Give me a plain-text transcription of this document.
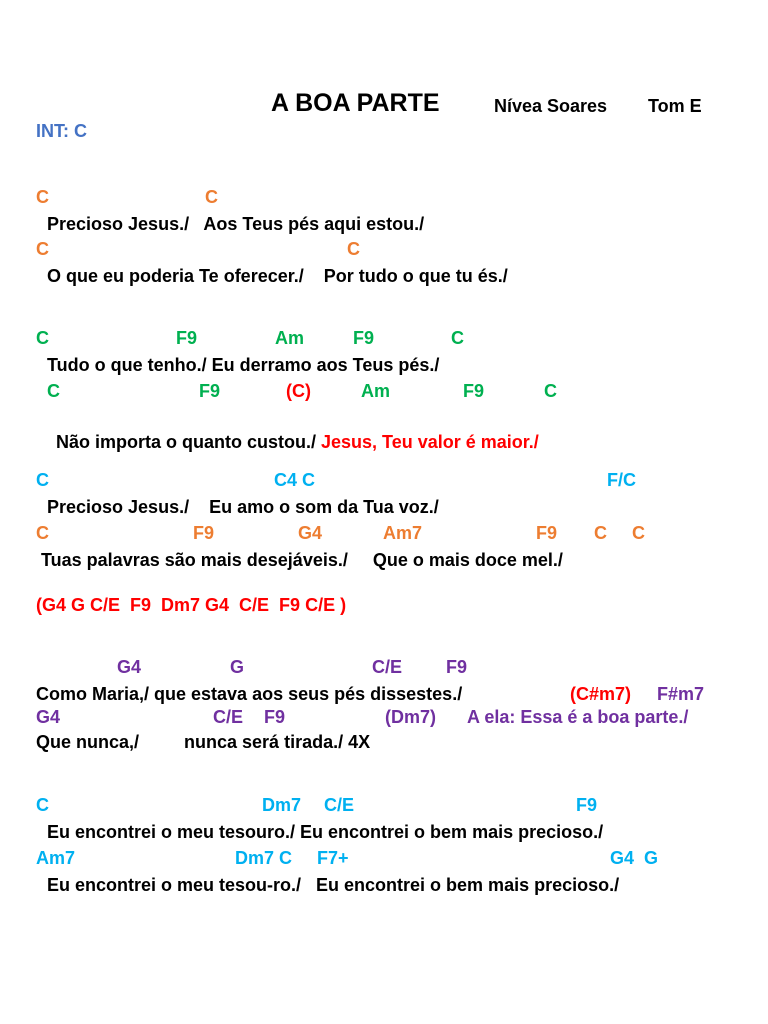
A BOA PARTE	Nívea Soares Tom E
INT: C
C	C
Precioso Jesus./   Aos Teus pés aqui estou./
C	C
O que eu poderia Te oferecer./    Por tudo o que tu és./
C	F9	Am	F9	C
Tudo o que tenho./ Eu derramo aos Teus pés./
C	F9	(C)	Am	F9	C

Não importa o quanto custou./ Jesus, Teu valor é maior./

C	C4 C	F/C
Precioso Jesus./    Eu amo o som da Tua voz./
C	F9	G4	Am7	F9 C C
Tuas palavras são mais desejáveis./     Que o mais doce mel./
(G4 G C/E  F9  Dm7 G4  C/E  F9 C/E )
G4	G	C/E F9
Como Maria,/ que estava aos seus pés dissestes./	(C#m7) F#m7
G4	C/E F9	(Dm7) A ela: Essa é a boa parte./
Que nunca,/         nunca será tirada./ 4X
C	Dm7 C/E	F9
Eu encontrei o meu tesouro./ Eu encontrei o bem mais precioso./
Am7	Dm7 C F7+	G4  G
Eu encontrei o meu tesou-ro./   Eu encontrei o bem mais precioso./
